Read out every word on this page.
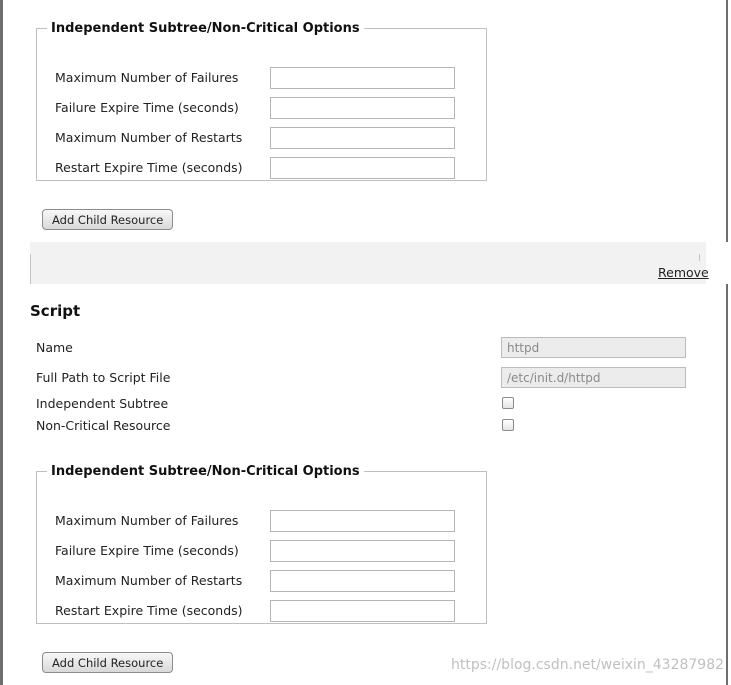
Independent Subtree/Non-Critical Options
Maximum Number of Failures
Failure Expire Time (seconds)
Maximum Number of Restarts
Restart Expire Time (seconds)
Add Child Resource
Remove
Script
Name
httpd
Full Path to Script File
/etc/init.d/httpd
Independent Subtree
Non-Critical Resource
Independent Subtree/Non-Critical Options
Maximum Number of Failures
Failure Expire Time (seconds)
Maximum Number of Restarts
Restart Expire Time (seconds)
Add Child Resource	https://blog.csdn.net/weixin_43287982
